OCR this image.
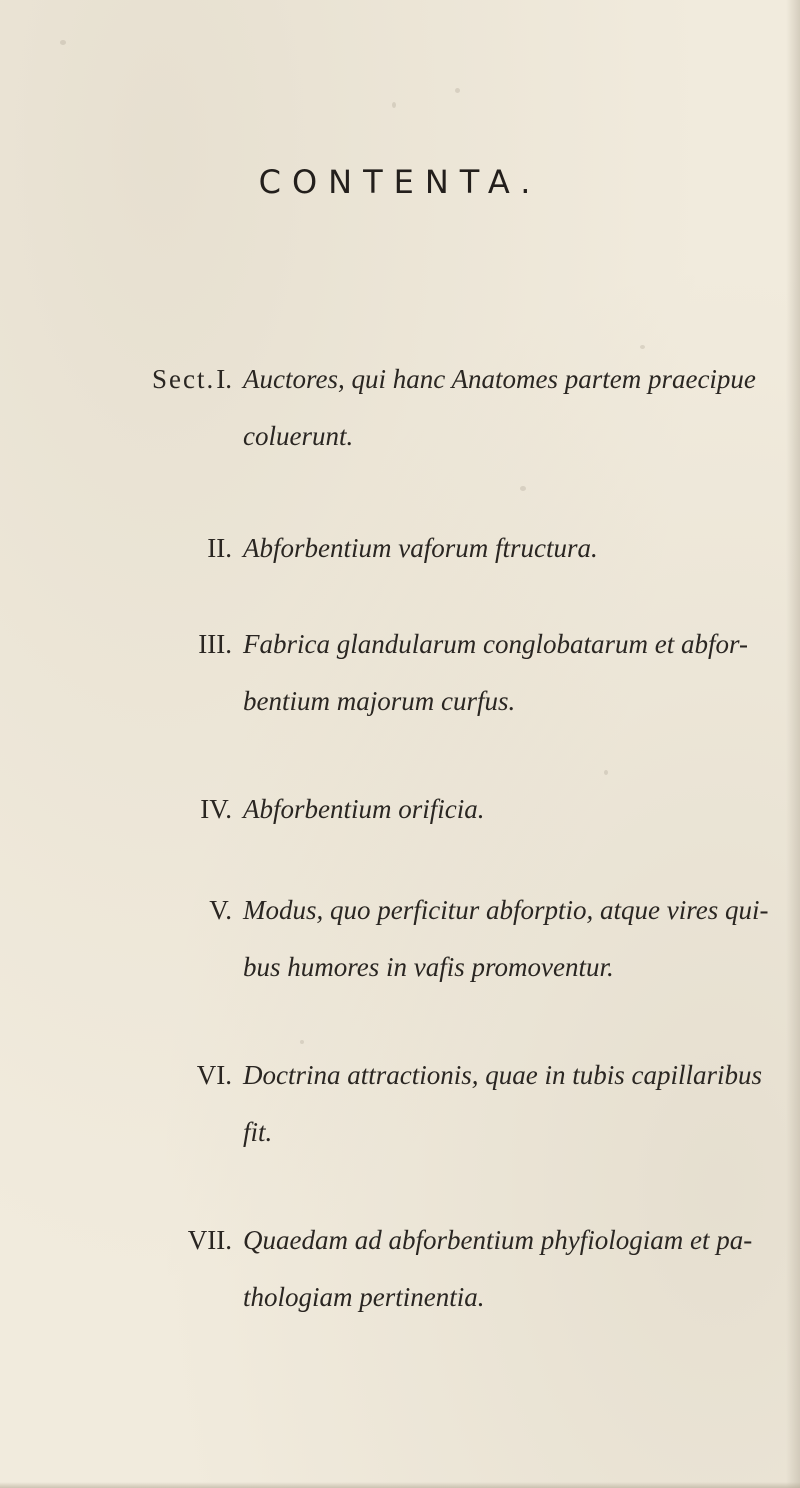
CONTENTA.
Sect. I. Auctores, qui hanc Anatomes partem praecipue
coluerunt.
II. Abforbentium vaforum ftructura.
III. Fabrica glandularum conglobatarum et abfor-
bentium majorum curfus.
IV. Abforbentium orificia.
V. Modus, quo perficitur abforptio, atque vires qui-
bus humores in vafis promoventur.
VI. Doctrina attractionis, quae in tubis capillaribus
fit.
VII. Quaedam ad abforbentium phyfiologiam et pa-
thologiam pertinentia.
